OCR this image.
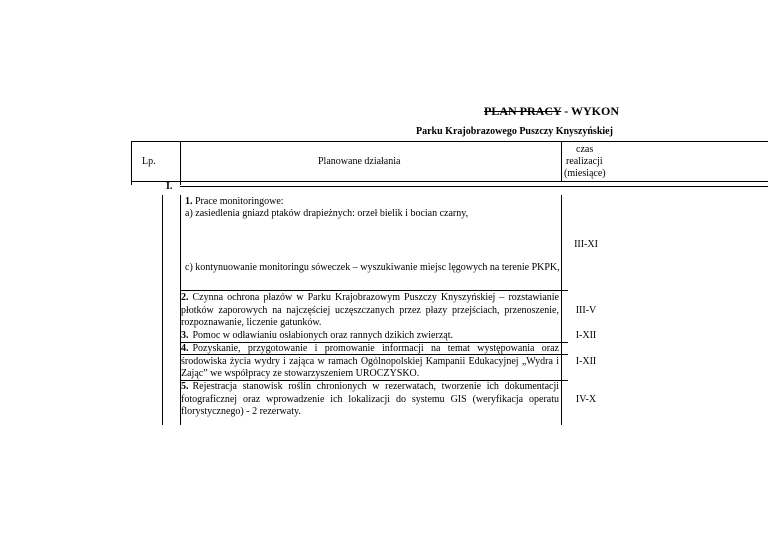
PLAN PRACY - WYKON
Parku Krajobrazowego Puszczy Knyszyńskiej
Lp.	Planowane działania
czas
realizacji
(miesiące)
I.
1. Prace monitoringowe:
a) zasiedlenia gniazd ptaków drapieżnych: orzeł bielik i bocian czarny,
III-XI
c) kontynuowanie monitoringu sóweczek – wyszukiwanie miejsc lęgowych na terenie PKPK,
2. Czynna ochrona płazów w Parku Krajobrazowym Puszczy Knyszyńskiej – rozstawianie płotków zaporowych na najczęściej uczęszczanych przez płazy przejściach, przenoszenie, rozpoznawanie, liczenie gatunków.
III-V
3. Pomoc w odławianiu osłabionych oraz rannych dzikich zwierząt.	I-XII
4. Pozyskanie, przygotowanie i promowanie informacji na temat występowania oraz środowiska życia wydry i zająca w ramach Ogólnopolskiej Kampanii Edukacyjnej „Wydra i Zając” we współpracy ze stowarzyszeniem UROCZYSKO.
I-XII
5. Rejestracja stanowisk roślin chronionych w rezerwatach, tworzenie ich dokumentacji fotograficznej oraz wprowadzenie ich lokalizacji do systemu GIS (weryfikacja operatu florystycznego) - 2 rezerwaty.
IV-X
